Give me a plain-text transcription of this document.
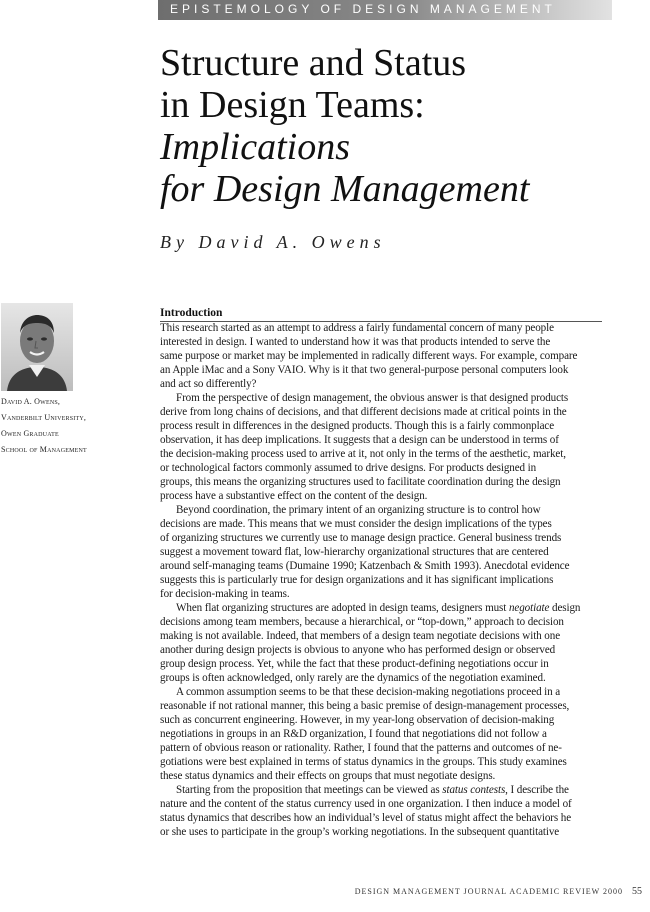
EPISTEMOLOGY OF DESIGN MANAGEMENT
Structure and Status
in Design Teams:
Implications
for Design Management
By David A. Owens
David A. Owens,
Vanderbilt University,
Owen Graduate
School of Management
Introduction
This research started as an attempt to address a fairly fundamental concern of many people
interested in design. I wanted to understand how it was that products intended to serve the
same purpose or market may be implemented in radically different ways. For example, compare
an Apple iMac and a Sony VAIO. Why is it that two general-purpose personal computers look
and act so differently?
From the perspective of design management, the obvious answer is that designed products
derive from long chains of decisions, and that different decisions made at critical points in the
process result in differences in the designed products. Though this is a fairly commonplace
observation, it has deep implications. It suggests that a design can be understood in terms of
the decision-making process used to arrive at it, not only in the terms of the aesthetic, market,
or technological factors commonly assumed to drive designs. For products designed in
groups, this means the organizing structures used to facilitate coordination during the design
process have a substantive effect on the content of the design.
Beyond coordination, the primary intent of an organizing structure is to control how
decisions are made. This means that we must consider the design implications of the types
of organizing structures we currently use to manage design practice. General business trends
suggest a movement toward flat, low-hierarchy organizational structures that are centered
around self-managing teams (Dumaine 1990; Katzenbach & Smith 1993). Anecdotal evidence
suggests this is particularly true for design organizations and it has significant implications
for decision-making in teams.
When flat organizing structures are adopted in design teams, designers must negotiate design
decisions among team members, because a hierarchical, or “top-down,” approach to decision
making is not available. Indeed, that members of a design team negotiate decisions with one
another during design projects is obvious to anyone who has performed design or observed
group design process. Yet, while the fact that these product-defining negotiations occur in
groups is often acknowledged, only rarely are the dynamics of the negotiation examined.
A common assumption seems to be that these decision-making negotiations proceed in a
reasonable if not rational manner, this being a basic premise of design-management processes,
such as concurrent engineering. However, in my year-long observation of decision-making
negotiations in groups in an R&D organization, I found that negotiations did not follow a
pattern of obvious reason or rationality. Rather, I found that the patterns and outcomes of ne-
gotiations were best explained in terms of status dynamics in the groups. This study examines
these status dynamics and their effects on groups that must negotiate designs.
Starting from the proposition that meetings can be viewed as status contests, I describe the
nature and the content of the status currency used in one organization. I then induce a model of
status dynamics that describes how an individual’s level of status might affect the behaviors he
or she uses to participate in the group’s working negotiations. In the subsequent quantitative
DESIGN MANAGEMENT JOURNAL ACADEMIC REVIEW 2000 55
